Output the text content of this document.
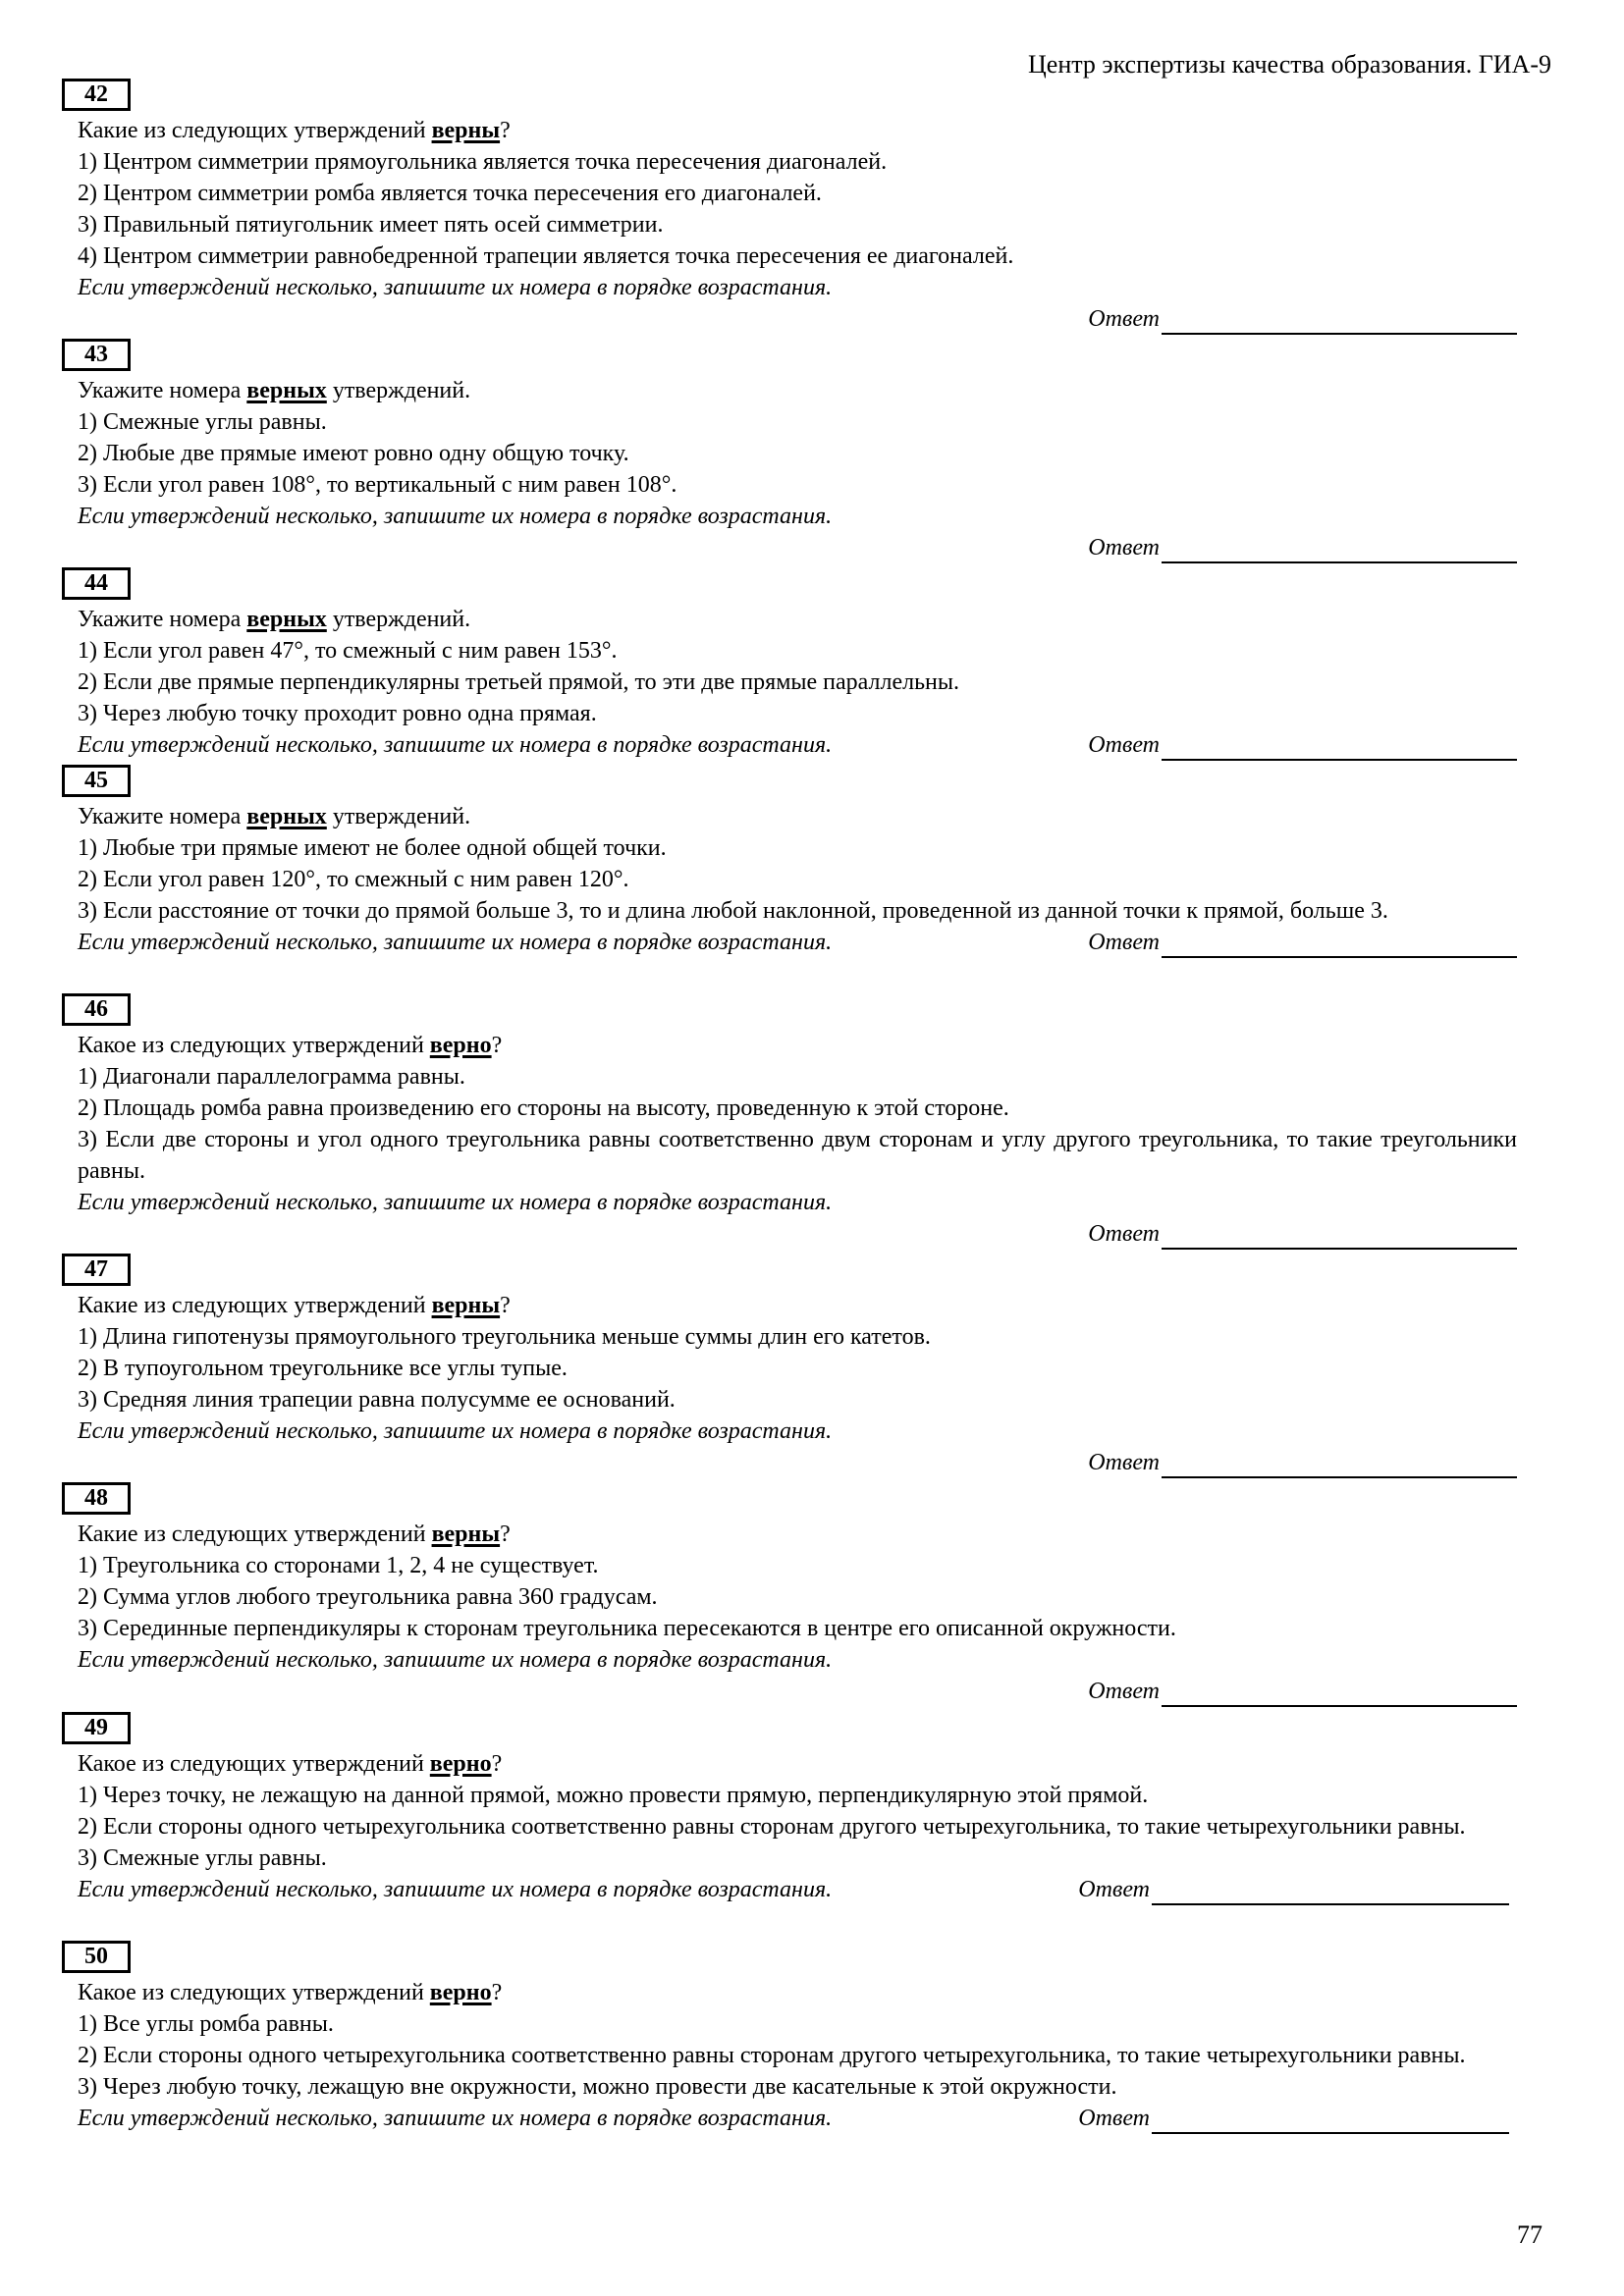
Центр экспертизы качества образования. ГИА-9
42
Какие из следующих утверждений верны?
1) Центром симметрии прямоугольника является точка пересечения диагоналей.
2) Центром симметрии ромба является точка пересечения его диагоналей.
3) Правильный пятиугольник имеет пять осей симметрии.
4) Центром симметрии равнобедренной трапеции является точка пересечения ее диагоналей.
Если утверждений несколько, запишите их номера в порядке возрастания.
Ответ
43
Укажите номера верных утверждений.
1) Смежные углы равны.
2) Любые две прямые имеют ровно одну общую точку.
3) Если угол равен 108°, то вертикальный с ним равен 108°.
Если утверждений несколько, запишите их номера в порядке возрастания.
Ответ
44
Укажите номера верных утверждений.
1) Если угол равен 47°, то смежный с ним равен 153°.
2) Если две прямые перпендикулярны третьей прямой, то эти две прямые параллельны.
3) Через любую точку проходит ровно одна прямая.
Если утверждений несколько, запишите их номера в порядке возрастания.	Ответ
45
Укажите номера верных утверждений.
1) Любые три прямые имеют не более одной общей точки.
2) Если угол равен 120°, то смежный с ним равен 120°.
3) Если расстояние от точки до прямой больше 3, то и длина любой наклонной, проведенной из данной точки к прямой, больше 3.
Если утверждений несколько, запишите их номера в порядке возрастания.	Ответ
46
Какое из следующих утверждений верно?
1) Диагонали параллелограмма равны.
2) Площадь ромба равна произведению его стороны на высоту, проведенную к этой стороне.
3) Если две стороны и угол одного треугольника равны соответственно двум сторонам и углу другого треугольника, то такие треугольники равны.
Если утверждений несколько, запишите их номера в порядке возрастания.
Ответ
47
Какие из следующих утверждений верны?
1) Длина гипотенузы прямоугольного треугольника меньше суммы длин его катетов.
2) В тупоугольном треугольнике все углы тупые.
3) Средняя линия трапеции равна полусумме ее оснований.
Если утверждений несколько, запишите их номера в порядке возрастания.
Ответ
48
Какие из следующих утверждений верны?
1) Треугольника со сторонами 1, 2, 4 не существует.
2) Сумма углов любого треугольника равна 360 градусам.
3) Серединные перпендикуляры к сторонам треугольника пересекаются в центре его описанной окружности.
Если утверждений несколько, запишите их номера в порядке возрастания.
Ответ
49
Какое из следующих утверждений верно?
1) Через точку, не лежащую на данной прямой, можно провести прямую, перпендикулярную этой прямой.
2) Если стороны одного четырехугольника соответственно равны сторонам другого четырехугольника, то такие четырехугольники равны.
3) Смежные углы равны.
Если утверждений несколько, запишите их номера в порядке возрастания.	Ответ
50
Какое из следующих утверждений верно?
1) Все углы ромба равны.
2) Если стороны одного четырехугольника соответственно равны сторонам другого четырехугольника, то такие четырехугольники равны.
3) Через любую точку, лежащую вне окружности, можно провести две касательные к этой окружности.
Если утверждений несколько, запишите их номера в порядке возрастания.	Ответ
77
